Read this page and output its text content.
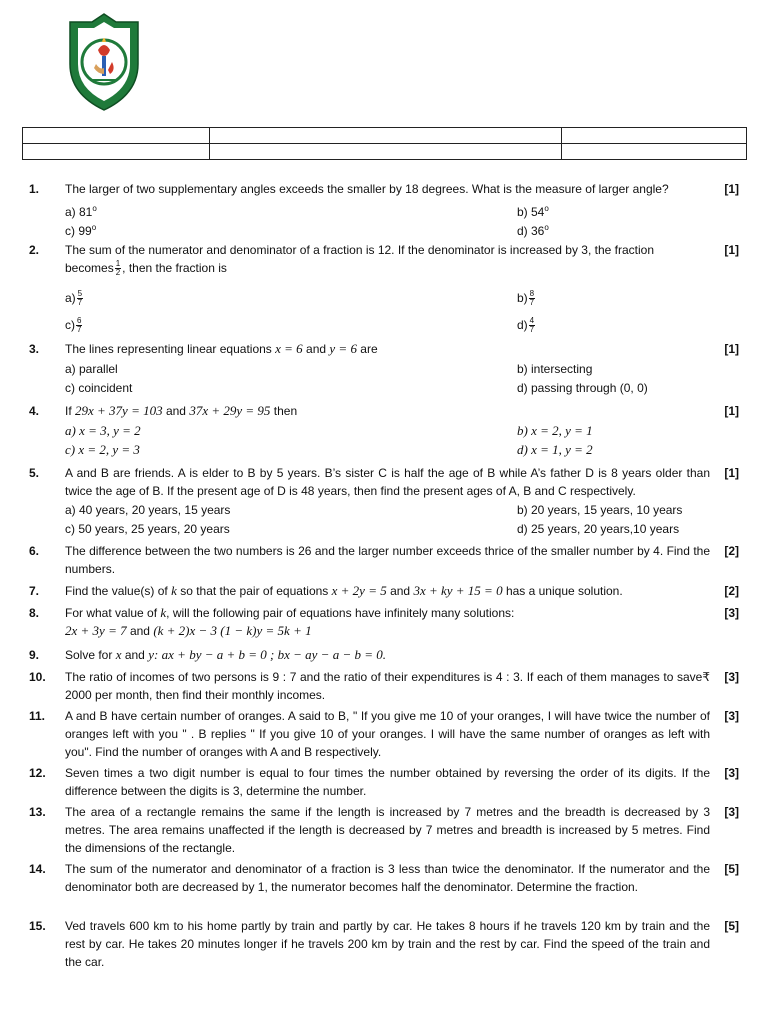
1. The larger of two supplementary angles exceeds the smaller by 18 degrees. What is the measure of larger angle?	[1]
a) 81$^o$	b) 54$^o$
c) 99$^o$	d) 36$^o$
2. The sum of the numerator and denominator of a fraction is 12. If the denominator is increased by 3, the fraction
becomes $\frac{1}{2}$ , then the fraction is
[1]
$a) \frac{5}{7}$	$b) \frac{8}{7}$
$c) \frac{6}{7}$	$d) \frac{4}{7}$
3. The lines representing linear equations x = 6 and y = 6 are	[1]
a) parallel	b) intersecting
c) coincident	d) passing through (0, 0)
4. If 29x + 37y = 103 and 37x + 29y = 95 then	[1]
a) x = 3, y = 2	b) x = 2, y = 1
c) x = 2, y = 3	d) x = 1, y = 2
5. A and B are friends. A is elder to B by 5 years. B’s sister C is half the age of B while A’s father D is 8 years older than twice the age of B. If the present age of D is 48 years, then find the present ages of A, B and C respectively.
[1]
a) 40 years, 20 years, 15 years	b) 20 years, 15 years, 10 years
c) 50 years, 25 years, 20 years	d) 25 years, 20 years,10 years
6. The difference between the two numbers is 26 and the larger number exceeds thrice of the smaller number by 4. Find the numbers.
[2]
7. Find the value(s) of k so that the pair of equations x + 2y = 5 and 3x + ky + 15 = 0 has a unique solution.	[2]
8. For what value of k, will the following pair of equations have infinitely many solutions:
2x + 3y = 7 and (k + 2)x − 3 (1 − k)y = 5k + 1
[3]
9. Solve for x and y: ax + by − a + b = 0 ; bx − ay − a − b = 0.
10. The ratio of incomes of two persons is 9 : 7 and the ratio of their expenditures is 4 : 3. If each of them manages to save₹ 2000 per month, then find their monthly incomes.
[3]
11. A and B have certain number of oranges. A said to B, " If you give me 10 of your oranges, I will have twice the number of oranges left with you " . B replies " If you give 10 of your oranges. I will have the same number of oranges as left with you". Find the number of oranges with A and B respectively.
[3]
12. Seven times a two digit number is equal to four times the number obtained by reversing the order of its digits. If the difference between the digits is 3, determine the number.
[3]
13. The area of a rectangle remains the same if the length is increased by 7 metres and the breadth is decreased by 3 metres. The area remains unaffected if the length is decreased by 7 metres and breadth is increased by 5 metres. Find the dimensions of the rectangle.
[3]
14. The sum of the numerator and denominator of a fraction is 3 less than twice the denominator. If the numerator and the denominator both are decreased by 1, the numerator becomes half the denominator. Determine the fraction.
[5]
15. Ved travels 600 km to his home partly by train and partly by car. He takes 8 hours if he travels 120 km by train and the rest by car. He takes 20 minutes longer if he travels 200 km by train and the rest by car. Find the speed of the train and the car.
[5]
